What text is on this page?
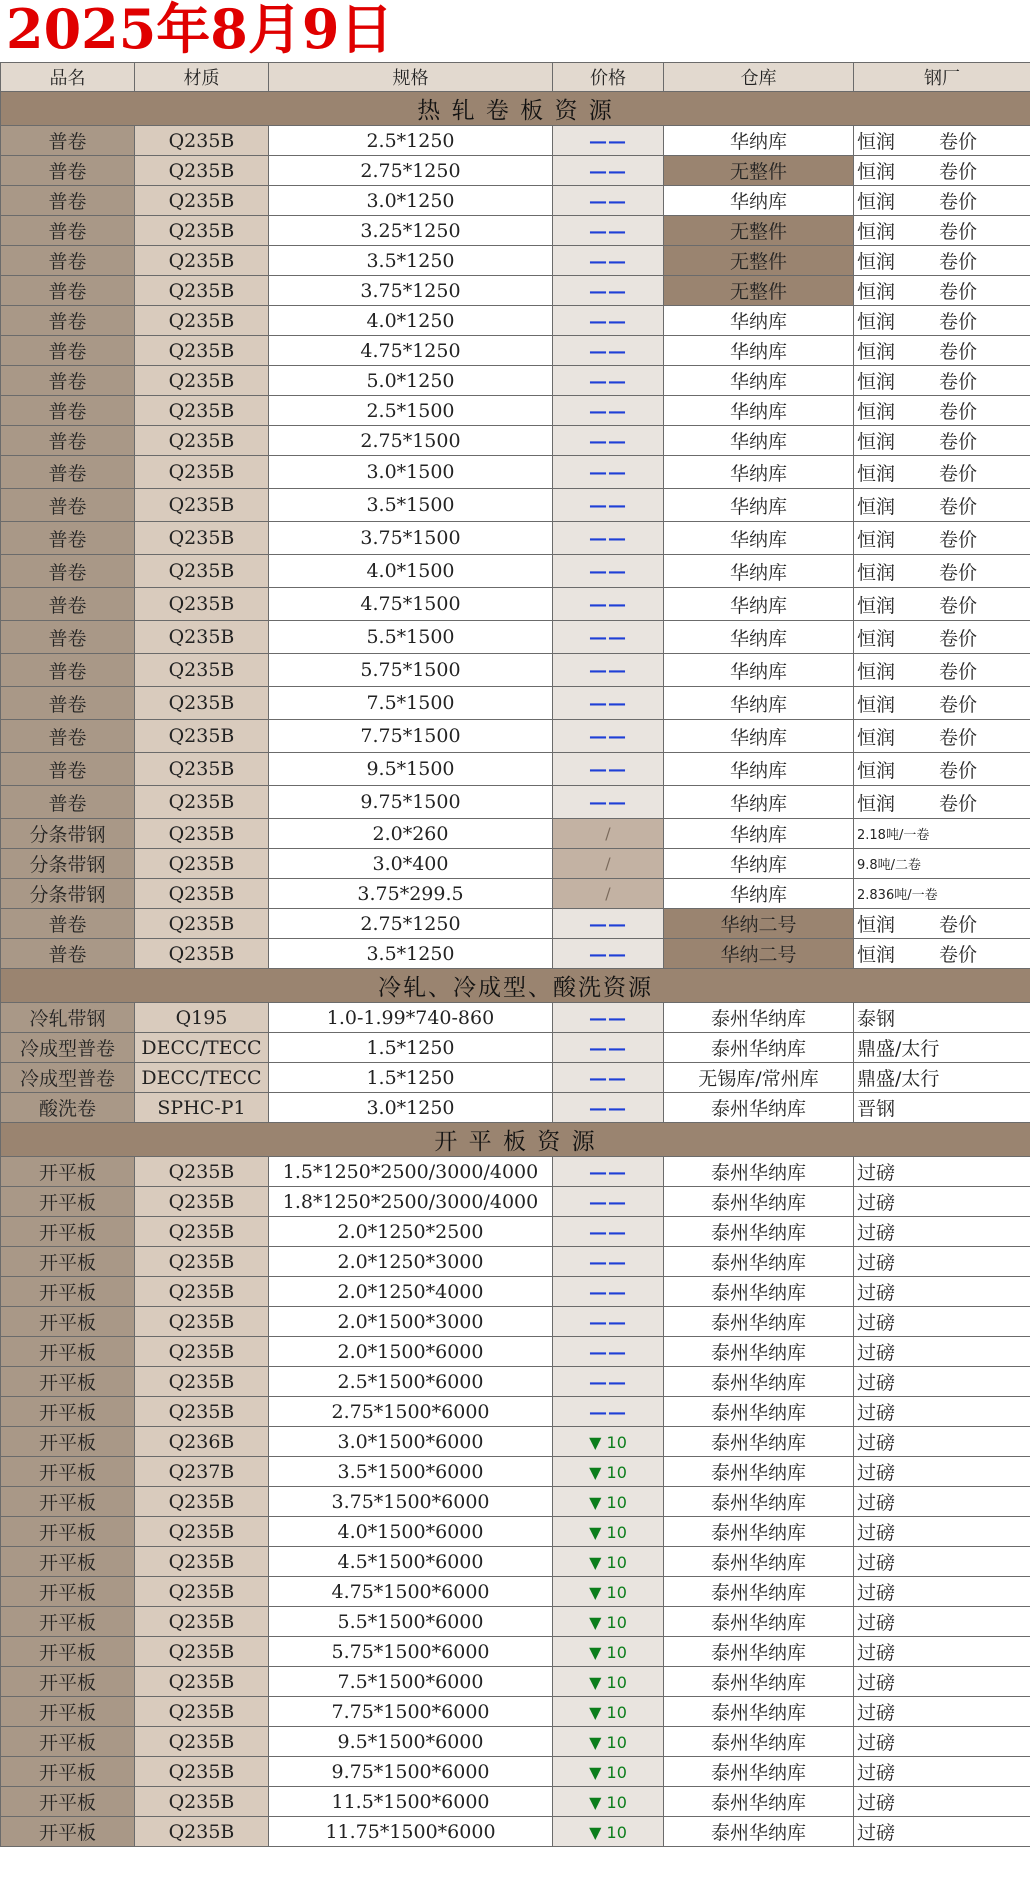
2025年8月9日
品名	材质	规格	价格	仓库	钢厂
热 轧 卷 板 资 源					
普卷	Q235B	2.5*1250	——	华纳库	恒润 卷价
普卷	Q235B	2.75*1250	——	无整件	恒润 卷价
普卷	Q235B	3.0*1250	——	华纳库	恒润 卷价
普卷	Q235B	3.25*1250	——	无整件	恒润 卷价
普卷	Q235B	3.5*1250	——	无整件	恒润 卷价
普卷	Q235B	3.75*1250	——	无整件	恒润 卷价
普卷	Q235B	4.0*1250	——	华纳库	恒润 卷价
普卷	Q235B	4.75*1250	——	华纳库	恒润 卷价
普卷	Q235B	5.0*1250	——	华纳库	恒润 卷价
普卷	Q235B	2.5*1500	——	华纳库	恒润 卷价
普卷	Q235B	2.75*1500	——	华纳库	恒润 卷价
普卷	Q235B	3.0*1500	——	华纳库	恒润 卷价
普卷	Q235B	3.5*1500	——	华纳库	恒润 卷价
普卷	Q235B	3.75*1500	——	华纳库	恒润 卷价
普卷	Q235B	4.0*1500	——	华纳库	恒润 卷价
普卷	Q235B	4.75*1500	——	华纳库	恒润 卷价
普卷	Q235B	5.5*1500	——	华纳库	恒润 卷价
普卷	Q235B	5.75*1500	——	华纳库	恒润 卷价
普卷	Q235B	7.5*1500	——	华纳库	恒润 卷价
普卷	Q235B	7.75*1500	——	华纳库	恒润 卷价
普卷	Q235B	9.5*1500	——	华纳库	恒润 卷价
普卷	Q235B	9.75*1500	——	华纳库	恒润 卷价
分条带钢	Q235B	2.0*260	/	华纳库	2.18吨/一卷
分条带钢	Q235B	3.0*400	/	华纳库	9.8吨/二卷
分条带钢	Q235B	3.75*299.5	/	华纳库	2.836吨/一卷
普卷	Q235B	2.75*1250	——	华纳二号	恒润 卷价
普卷	Q235B	3.5*1250	——	华纳二号	恒润 卷价
冷轧、冷成型、酸洗资源					
冷轧带钢	Q195	1.0-1.99*740-860	——	泰州华纳库	泰钢
冷成型普卷	DECC/TECC	1.5*1250	——	泰州华纳库	鼎盛/太行
冷成型普卷	DECC/TECC	1.5*1250	——	无锡库/常州库	鼎盛/太行
酸洗卷	SPHC-P1	3.0*1250	——	泰州华纳库	晋钢
开 平 板 资 源					
开平板	Q235B	1.5*1250*2500/3000/4000	——	泰州华纳库	过磅
开平板	Q235B	1.8*1250*2500/3000/4000	——	泰州华纳库	过磅
开平板	Q235B	2.0*1250*2500	——	泰州华纳库	过磅
开平板	Q235B	2.0*1250*3000	——	泰州华纳库	过磅
开平板	Q235B	2.0*1250*4000	——	泰州华纳库	过磅
开平板	Q235B	2.0*1500*3000	——	泰州华纳库	过磅
开平板	Q235B	2.0*1500*6000	——	泰州华纳库	过磅
开平板	Q235B	2.5*1500*6000	——	泰州华纳库	过磅
开平板	Q235B	2.75*1500*6000	——	泰州华纳库	过磅
开平板	Q236B	3.0*1500*6000	▼ 10	泰州华纳库	过磅
开平板	Q237B	3.5*1500*6000	▼ 10	泰州华纳库	过磅
开平板	Q235B	3.75*1500*6000	▼ 10	泰州华纳库	过磅
开平板	Q235B	4.0*1500*6000	▼ 10	泰州华纳库	过磅
开平板	Q235B	4.5*1500*6000	▼ 10	泰州华纳库	过磅
开平板	Q235B	4.75*1500*6000	▼ 10	泰州华纳库	过磅
开平板	Q235B	5.5*1500*6000	▼ 10	泰州华纳库	过磅
开平板	Q235B	5.75*1500*6000	▼ 10	泰州华纳库	过磅
开平板	Q235B	7.5*1500*6000	▼ 10	泰州华纳库	过磅
开平板	Q235B	7.75*1500*6000	▼ 10	泰州华纳库	过磅
开平板	Q235B	9.5*1500*6000	▼ 10	泰州华纳库	过磅
开平板	Q235B	9.75*1500*6000	▼ 10	泰州华纳库	过磅
开平板	Q235B	11.5*1500*6000	▼ 10	泰州华纳库	过磅
开平板	Q235B	11.75*1500*6000	▼ 10	泰州华纳库	过磅
